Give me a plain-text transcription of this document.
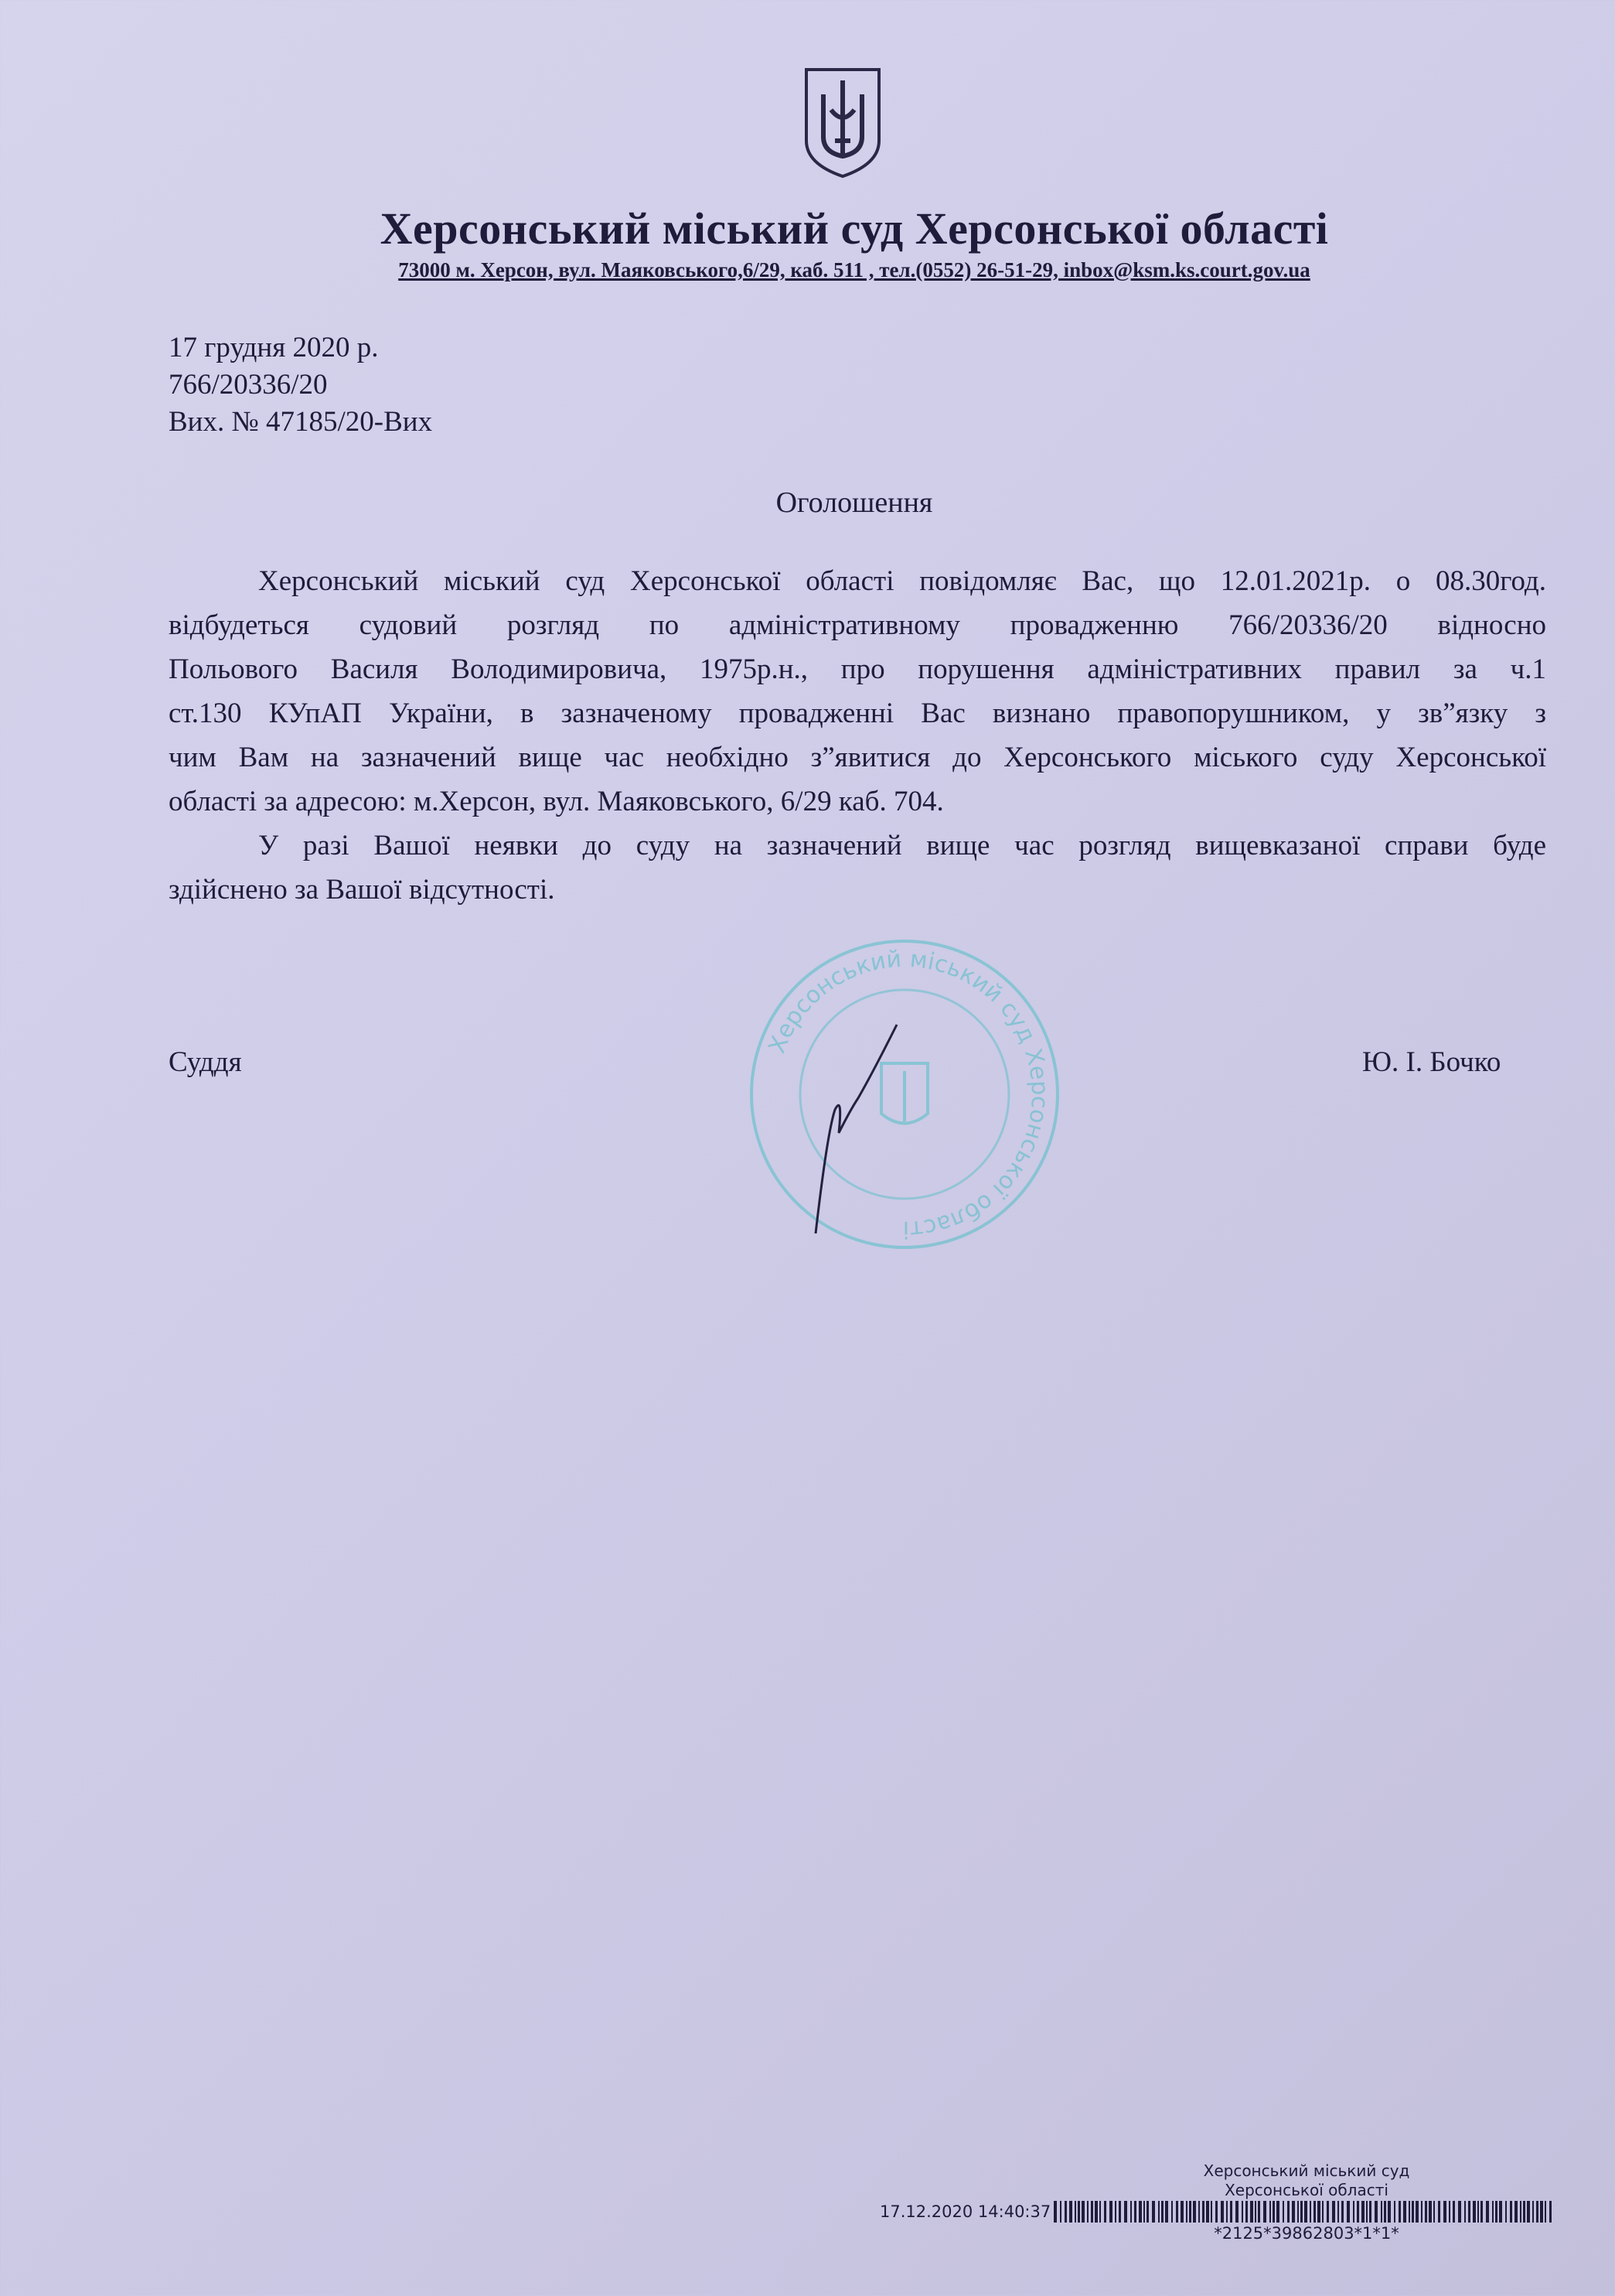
Херсонський міський суд Херсонської області
73000 м. Херсон, вул. Маяковського,6/29, каб. 511 , тел.(0552) 26-51-29, inbox@ksm.ks.court.gov.ua
17 грудня 2020 р.
766/20336/20
Вих. № 47185/20-Вих
Оголошення
Херсонський міський суд Херсонської області повідомляє Вас, що 12.01.2021р. о 08.30год.
відбудеться судовий розгляд по адміністративному провадженню 766/20336/20 відносно
Польового Василя Володимировича, 1975р.н., про порушення адміністративних правил за ч.1
ст.130 КУпАП України, в зазначеному провадженні Вас визнано правопорушником, у зв”язку з
чим Вам на зазначений вище час необхідно з”явитися до Херсонського міського суду Херсонської
області за адресою: м.Херсон, вул. Маяковського, 6/29 каб. 704.
У разі Вашої неявки до суду на зазначений вище час розгляд вищевказаної справи буде
здійснено за Вашої відсутності.
Херсонський міський суд Херсонської області
Суддя	Ю. І. Бочко
Херсонський міський суд
Херсонської області
17.12.2020 14:40:37
*2125*39862803*1*1*
